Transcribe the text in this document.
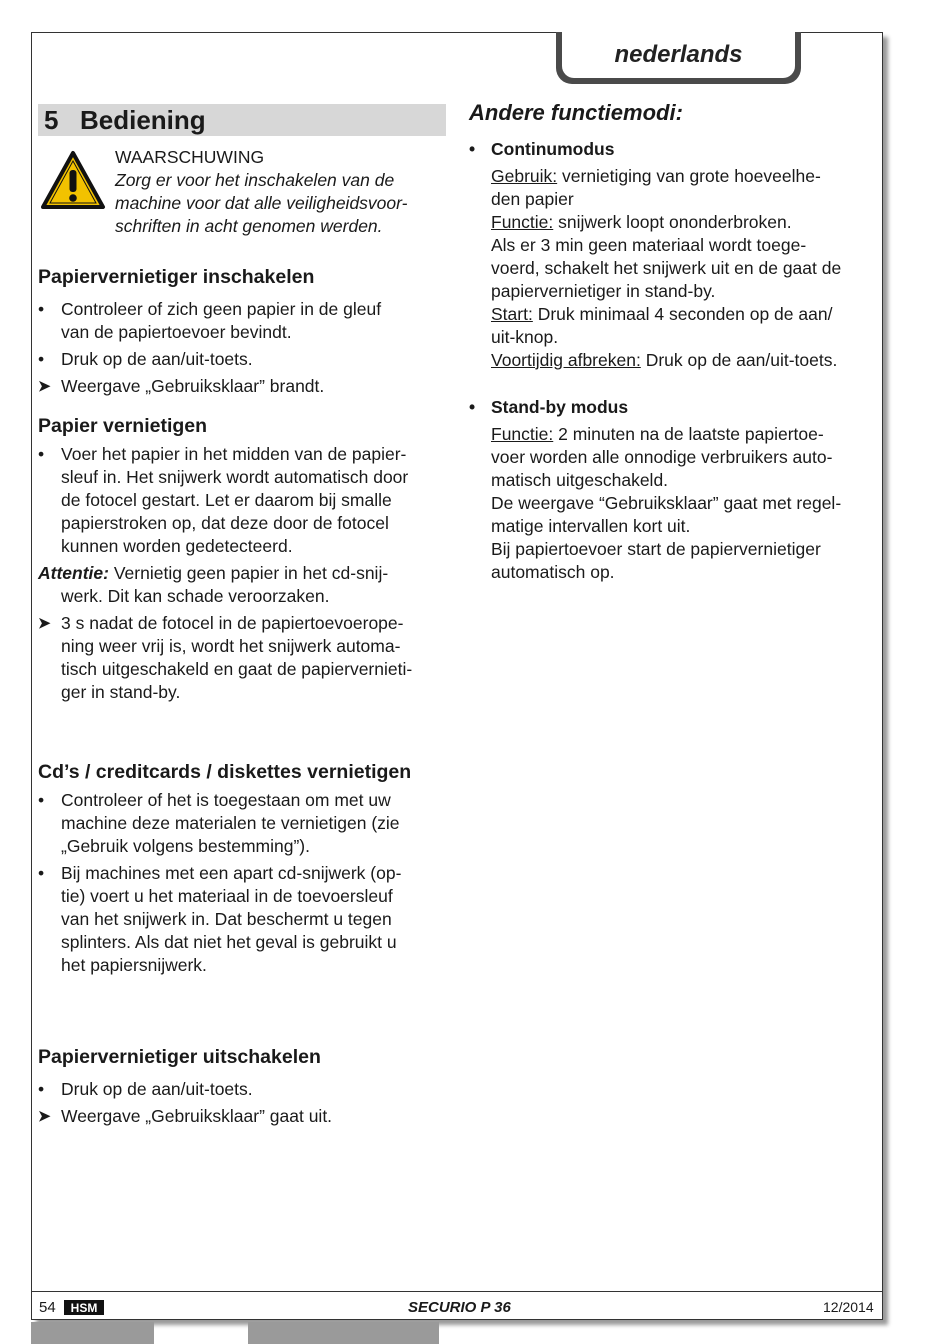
nederlands
5 Bediening
WAARSCHUWING
Zorg er voor het inschakelen van de
machine voor dat alle veiligheidsvoor-
schriften in acht genomen werden.
Papiervernietiger inschakelen
• Controleer of zich geen papier in de gleuf
van de papiertoevoer bevindt.
• Druk op de aan/uit-toets.
➤ Weergave „Gebruiksklaar” brandt.
Papier vernietigen
• Voer het papier in het midden van de papier-
sleuf in. Het snijwerk wordt automatisch door
de fotocel gestart. Let er daarom bij smalle
papierstroken op, dat deze door de fotocel
kunnen worden gedetecteerd.
Attentie: Vernietig geen papier in het cd-snij-
werk. Dit kan schade veroorzaken.
➤ 3 s nadat de fotocel in de papiertoevoeropе-
ning weer vrij is, wordt het snijwerk automa-
tisch uitgeschakeld en gaat de papiervernieti-
ger in stand-by.
Cd’s / creditcards / diskettes vernietigen
• Controleer of het is toegestaan om met uw
machine deze materialen te vernietigen (zie
„Gebruik volgens bestemming”).
• Bij machines met een apart cd-snijwerk (op-
tie) voert u het materiaal in de toevoersleuf
van het snijwerk in. Dat beschermt u tegen
splinters. Als dat niet het geval is gebruikt u
het papiersnijwerk.
Papiervernietiger uitschakelen
• Druk op de aan/uit-toets.
➤ Weergave „Gebruiksklaar” gaat uit.
Andere functiemodi:
• Continumodus
Gebruik: vernietiging van grote hoeveelhe-
den papier
Functie: snijwerk loopt ononderbroken.
Als er 3 min geen materiaal wordt toege-
voerd, schakelt het snijwerk uit en de gaat de
papiervernietiger in stand-by.
Start: Druk minimaal 4 seconden op de aan/
uit-knop.
Voortijdig afbreken: Druk op de aan/uit-toets.
• Stand-by modus
Functie: 2 minuten na de laatste papiertoe-
voer worden alle onnodige verbruikers auto-
matisch uitgeschakeld.
De weergave “Gebruiksklaar” gaat met regel-
matige intervallen kort uit.
Bij papiertoevoer start de papiervernietiger
automatisch op.
54 HSM	SECURIO P 36	12/2014
